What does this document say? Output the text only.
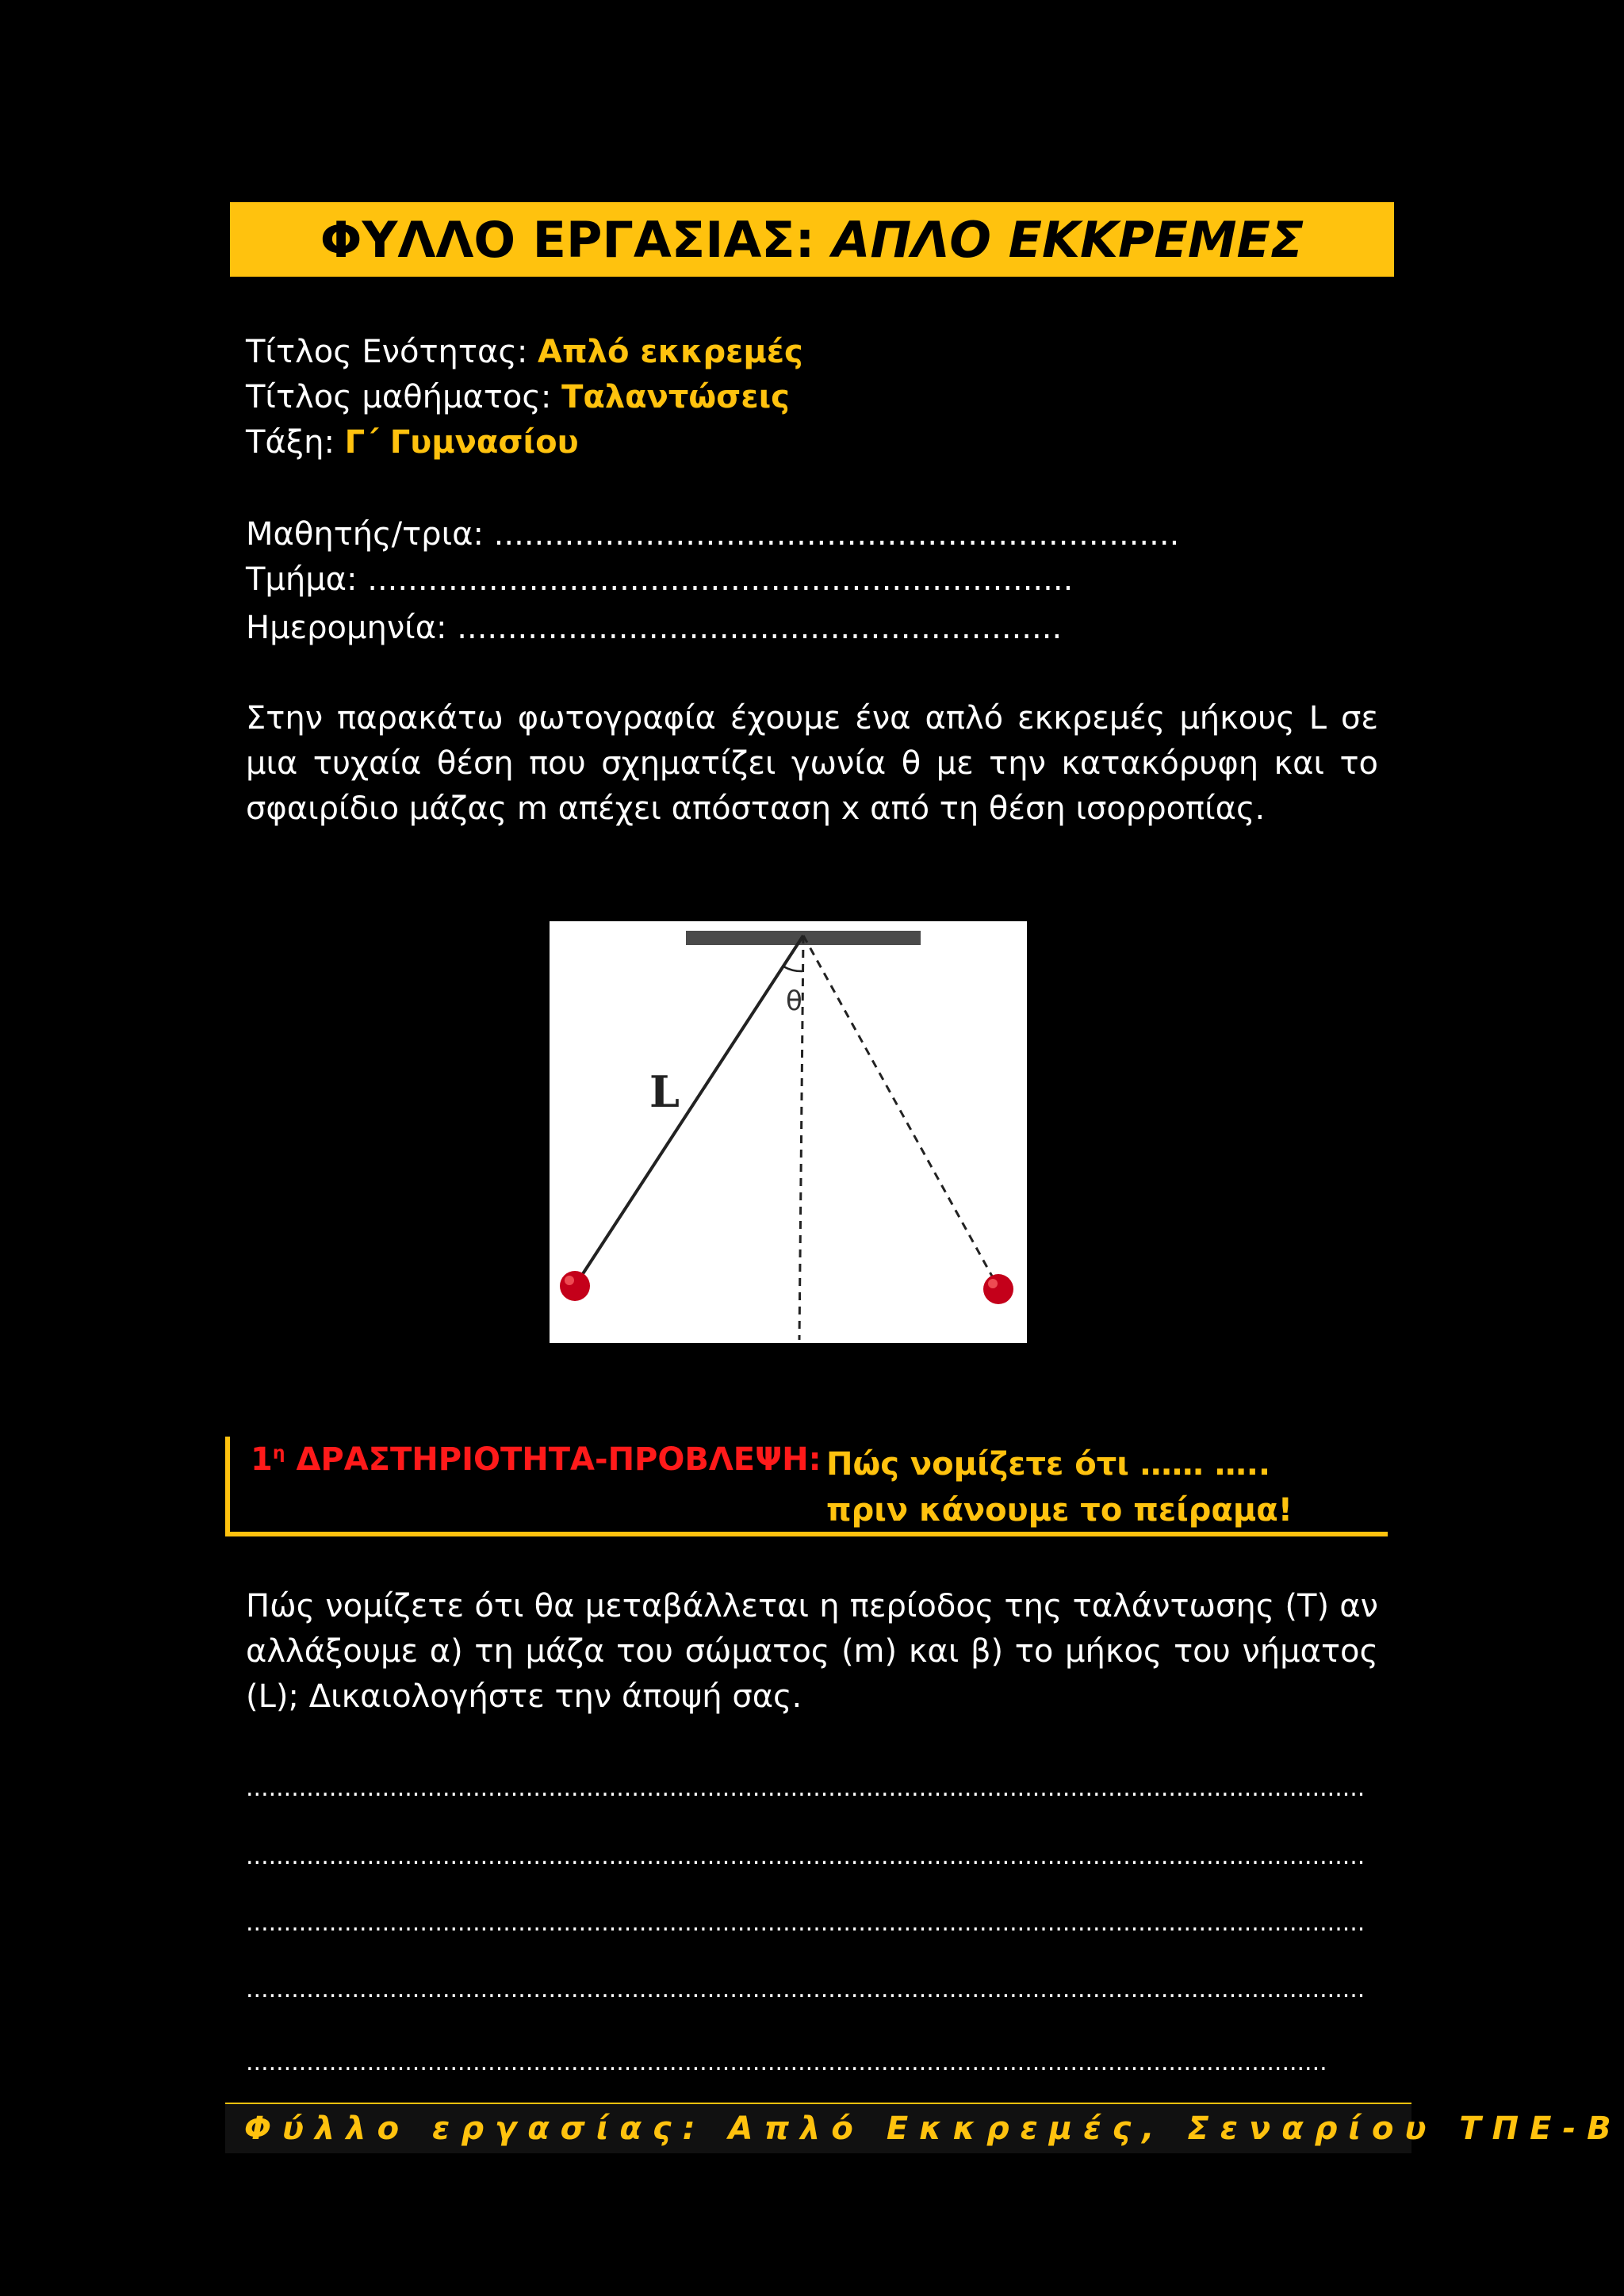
ΦΥΛΛΟ ΕΡΓΑΣΙΑΣ: ΑΠΛΟ ΕΚΚΡΕΜΕΣ
Τίτλος Ενότητας: Απλό εκκρεμές
Τίτλος μαθήματος: Ταλαντώσεις
Τάξη: Γ΄ Γυμνασίου
Μαθητής/τρια: ....................................................................
Τμήμα: ......................................................................
Ημερομηνία: ............................................................
Στην παρακάτω φωτογραφία έχουμε ένα απλό εκκρεμές μήκους L σε μια τυχαία θέση που σχηματίζει γωνία θ με την κατακόρυφη και το σφαιρίδιο μάζας m απέχει απόσταση x από τη θέση ισορροπίας.
θ
L
$1^\eta$ ΔΡΑΣΤΗΡΙΟΤΗΤΑ-ΠΡΟΒΛΕΨΗ: Πώς νομίζετε ότι …… ….. πριν κάνουμε το πείραμα!
Πώς νομίζετε ότι θα μεταβάλλεται η περίοδος της ταλάντωσης (T) αν αλλάξουμε α) τη μάζα του σώματος (m) και β) το μήκος του νήματος (L); Δικαιολογήστε την άποψή σας.
....................................................................................................................................................
....................................................................................................................................................
....................................................................................................................................................
....................................................................................................................................................
...............................................................................................................................................
Φύλλο εργασίας: Απλό Εκκρεμές, Σεναρίου ΤΠΕ-Β
